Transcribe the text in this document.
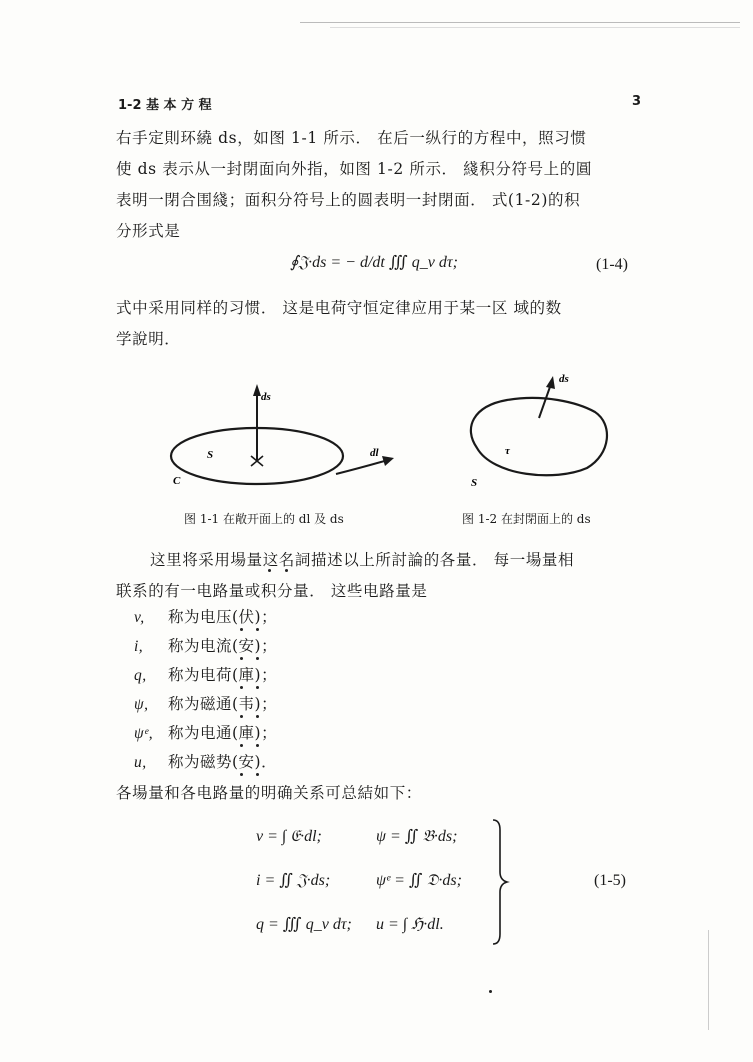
1-2 基 本 方 程	3
右手定則环繞 ds，如图 1-1 所示． 在后一纵行的方程中，照习惯
使 ds 表示从一封閉面向外指，如图 1-2 所示． 綫积分符号上的圓
表明一閉合围綫；面积分符号上的圆表明一封閉面． 式(1-2)的积
分形式是
∮𝔍·ds = − d/dt ∭ q_v dτ;	(1-4)
式中采用同样的习惯． 这是电荷守恒定律应用于某一区 域的数
学說明．
ds
S
C
dl
图 1-1 在敞开面上的 dl 及 ds
ds
τ
S
图 1-2 在封閉面上的 ds
这里将采用場量这名詞描述以上所討論的各量． 每一場量相
联系的有一电路量或积分量． 这些电路量是
v, 称为电压(伏)；
i, 称为电流(安)；
q, 称为电荷(庫)；
ψ, 称为磁通(韦)；
ψᵉ, 称为电通(庫)；
u, 称为磁势(安)．
各場量和各电路量的明确关系可总結如下：
v = ∫ 𝔈·dl;	ψ = ∬ 𝔅·ds;
i = ∬ 𝔍·ds;	ψᵉ = ∬ 𝔇·ds;
q = ∭ q_v dτ; u = ∫ ℌ·dl.
(1-5)
